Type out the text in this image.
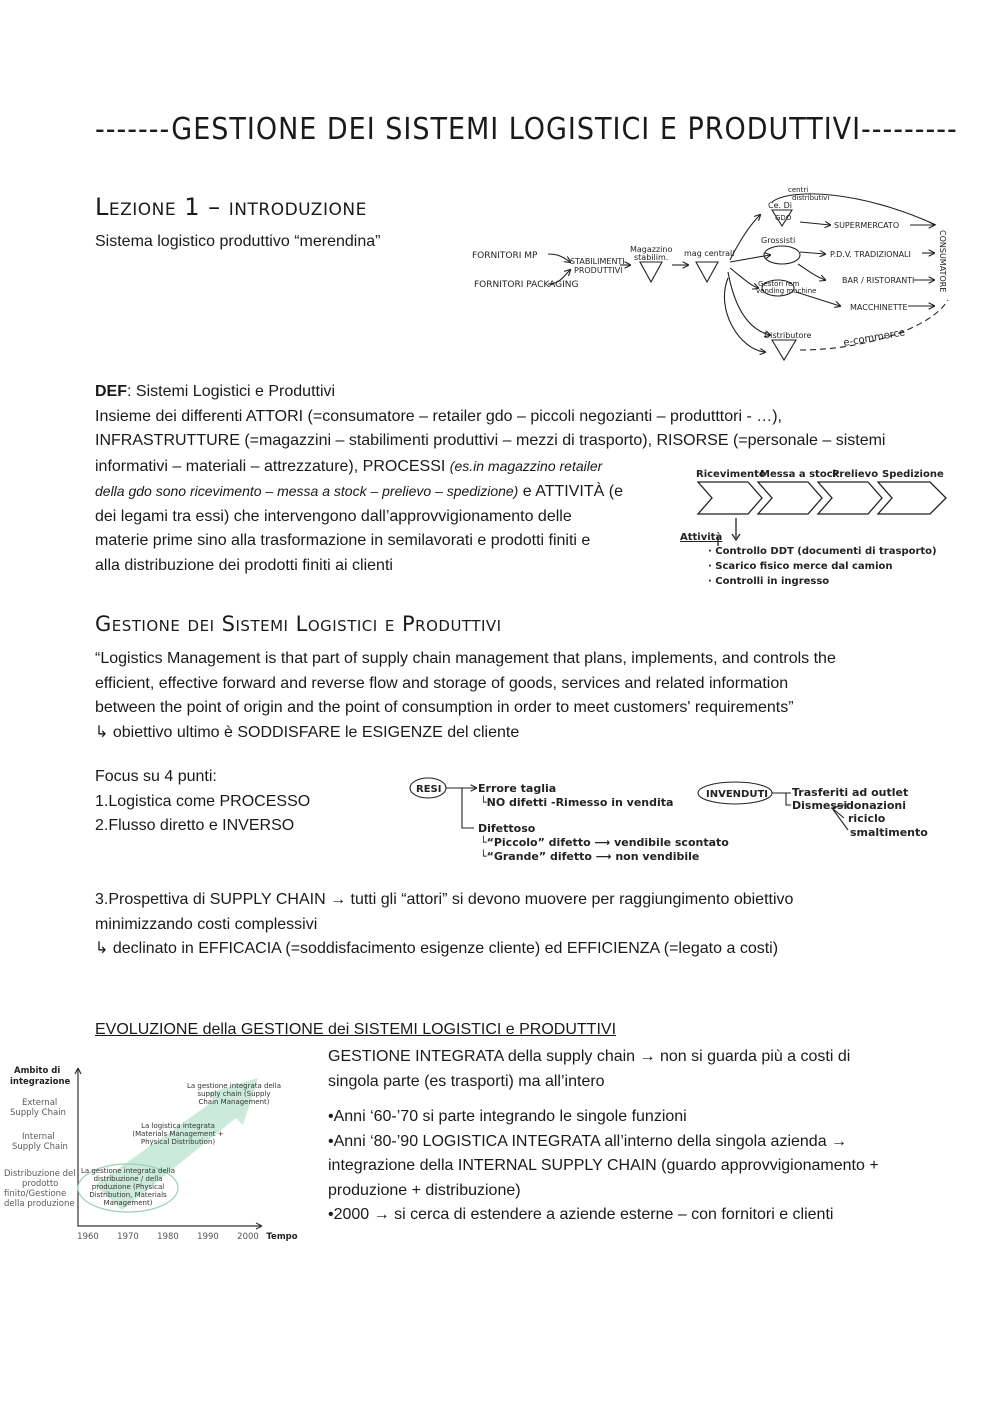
-------GESTIONE DEI SISTEMI LOGISTICI E PRODUTTIVI---------
Lezione 1 – introduzione
Sistema logistico produttivo “merendina”
FORNITORI MP
FORNITORI PACKAGING
STABILIMENTI
PRODUTTIVI
Magazzino
stabilim. mag centrali
centri
distributivi
Ce. Di
GDO
Grossisti
Gestori rem
vending machine
Distributore
SUPERMERCATO
P.D.V. TRADIZIONALI
BAR / RISTORANTI
MACCHINETTE
e-commerce
CONSUMATORE
DEF: Sistemi Logistici e Produttivi
Insieme dei differenti ATTORI (=consumatore – retailer gdo – piccoli negozianti – produtttori - …),
INFRASTRUTTURE (=magazzini – stabilimenti produttivi – mezzi di trasporto), RISORSE (=personale – sistemi
informativi – materiali – attrezzature), PROCESSI (es.in magazzino retailer
della gdo sono ricevimento – messa a stock – prelievo – spedizione) e ATTIVITÀ (e
dei legami tra essi) che intervengono dall’approvvigionamento delle
materie prime sino alla trasformazione in semilavorati e prodotti finiti e
alla distribuzione dei prodotti finiti ai clienti
Ricevimento
Messa a stock
Prelievo Spedizione
Attività
· Controllo DDT (documenti di trasporto)
· Scarico fisico merce dal camion
· Controlli in ingresso
Gestione dei Sistemi Logistici e Produttivi
“Logistics Management is that part of supply chain management that plans, implements, and controls the
efficient, effective forward and reverse flow and storage of goods, services and related information
between the point of origin and the point of consumption in order to meet customers' requirements”
↳ obiettivo ultimo è SODDISFARE le ESIGENZE del cliente
Focus su 4 punti:
1.Logistica come PROCESSO
2.Flusso diretto e INVERSO
RESI	Errore taglia
└NO difetti -Rimesso in vendita
Difettoso
└“Piccolo” difetto ⟶ vendibile scontato
└“Grande” difetto ⟶ non vendibile
INVENDUTI Trasferiti ad outlet
Dismessi
donazioni
riciclo
smaltimento
3.Prospettiva di SUPPLY CHAIN → tutti gli “attori” si devono muovere per raggiungimento obiettivo
minimizzando costi complessivi
↳ declinato in EFFICACIA (=soddisfacimento esigenze cliente) ed EFFICIENZA (=legato a costi)
EVOLUZIONE della GESTIONE dei SISTEMI LOGISTICI e PRODUTTIVI
GESTIONE INTEGRATA della supply chain → non si guarda più a costi di
singola parte (es trasporti) ma all’intero
•Anni ‘60-’70 si parte integrando le singole funzioni
•Anni ‘80-’90 LOGISTICA INTEGRATA all’interno della singola azienda →
integrazione della INTERNAL SUPPLY CHAIN (guardo approvvigionamento +
produzione + distribuzione)
•2000 → si cerca di estendere a aziende esterne – con fornitori e clienti
Ambito di
integrazione
External
Supply Chain
Internal
Supply Chain
Distribuzione del
prodotto
finito/Gestione
della produzione
La gestione integrata della
distribuzione / della
produzione (Physical
Distribution, Materials
Management)
La logistica integrata
(Materials Management +
Physical Distribution)
La gestione integrata della
supply chain (Supply
Chain Management)
1960 1970 1980 1990 2000 Tempo
